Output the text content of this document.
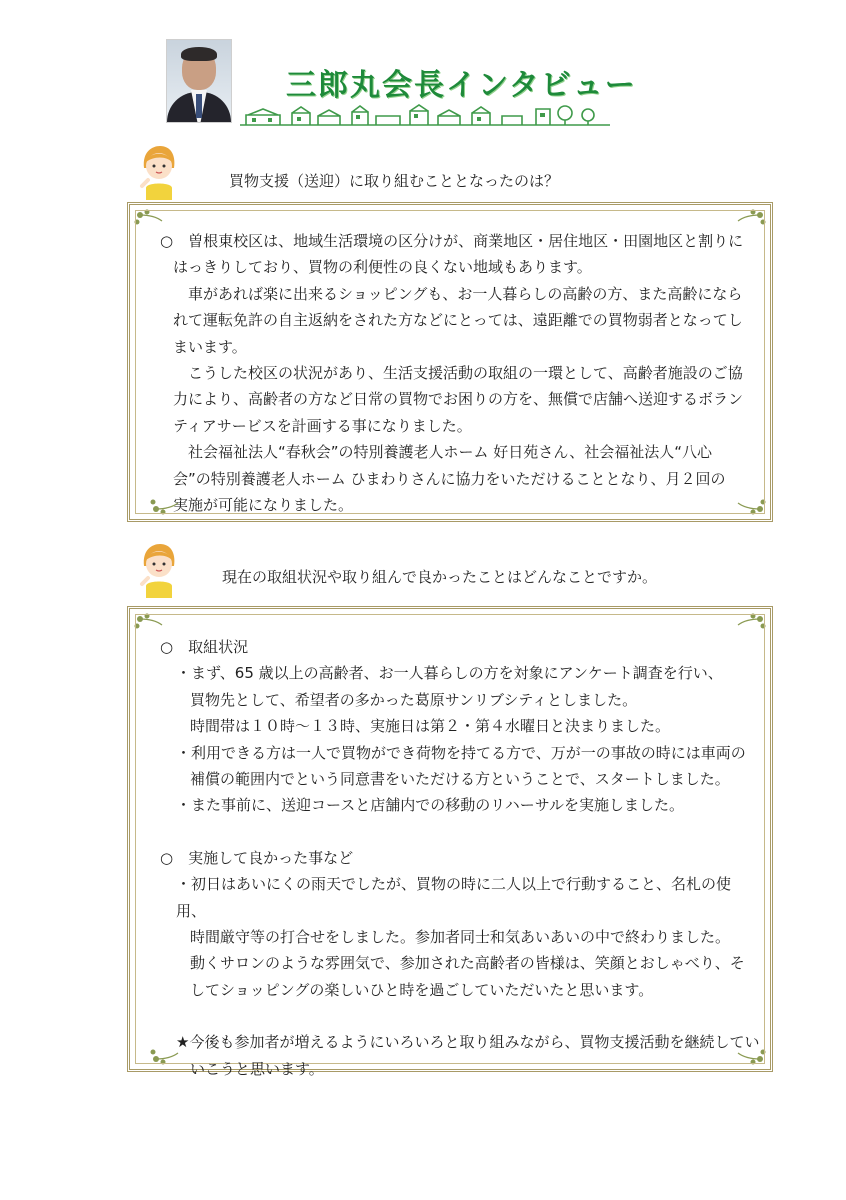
三郎丸会長インタビュー
買物支援（送迎）に取り組むこととなったのは？

○　 曽根東校区は、地域生活環境の区分けが、商業地区・居住地区・田園地区と割りに

はっきりしており、買物の利便性の良くない地域もあります。

車があれば楽に出来るショッピングも、お一人暮らしの高齢の方、また高齢になら

れて運転免許の自主返納をされた方などにとっては、遠距離での買物弱者となってし

まいます。

こうした校区の状況があり、生活支援活動の取組の一環として、高齢者施設のご協

力により、高齢者の方など日常の買物でお困りの方を、無償で店舗へ送迎するボラン

ティアサービスを計画する事になりました。

社会福祉法人“春秋会”の特別養護老人ホーム 好日苑さん、社会福祉法人“八心

会”の特別養護老人ホーム ひまわりさんに協力をいただけることとなり、月２回の

実施が可能になりました。

現在の取組状況や取り組んで良かったことはどんなことですか。

○　取組状況

・まず、65 歳以上の高齢者、お一人暮らしの方を対象にアンケート調査を行い、

買物先として、希望者の多かった葛原サンリブシティとしました。

時間帯は１０時～１３時、実施日は第２・第４水曜日と決まりました。

・利用できる方は一人で買物ができ荷物を持てる方で、万が一の事故の時には車両の

補償の範囲内でという同意書をいただける方ということで、スタートしました。

・また事前に、送迎コースと店舗内での移動のリハーサルを実施しました。

○　実施して良かった事など

・初日はあいにくの雨天でしたが、買物の時に二人以上で行動すること、名札の使用、

時間厳守等の打合せをしました。参加者同士和気あいあいの中で終わりました。

動くサロンのような雰囲気で、参加された高齢者の皆様は、笑顔とおしゃべり、そ

してショッピングの楽しいひと時を過ごしていただいたと思います。

★今後も参加者が増えるようにいろいろと取り組みながら、買物支援活動を継続してい

いこうと思います。
